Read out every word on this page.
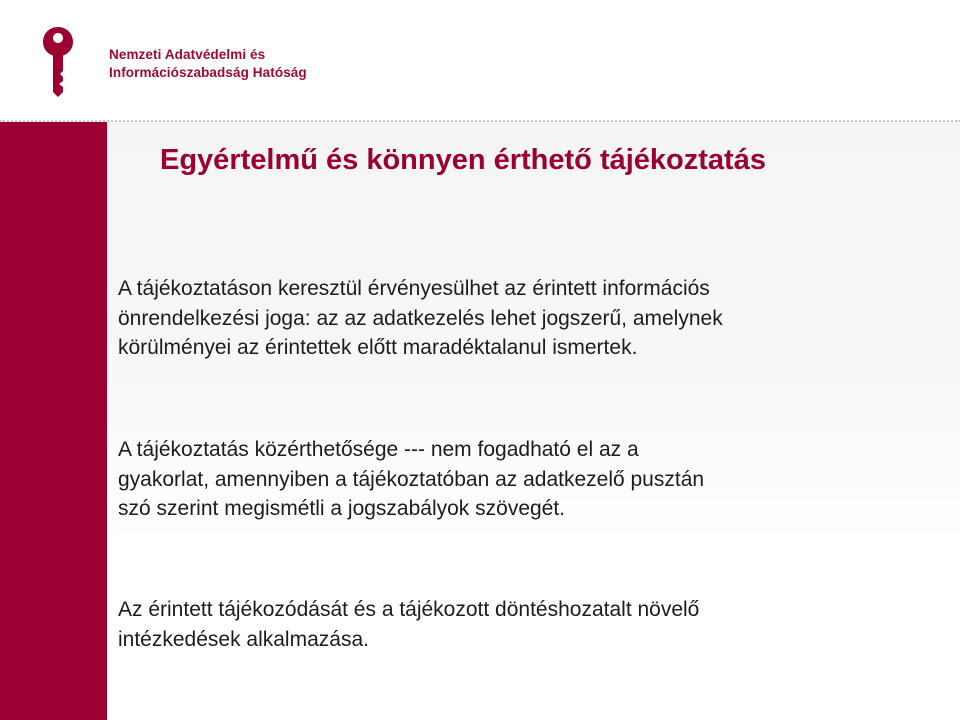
Nemzeti Adatvédelmi és
Információszabadság Hatóság
Egyértelmű és könnyen érthető tájékoztatás

A tájékoztatáson keresztül érvényesülhet az érintett információs
önrendelkezési joga: az az adatkezelés lehet jogszerű, amelynek
körülményei az érintettek előtt maradéktalanul ismertek.

A tájékoztatás közérthetősége --- nem fogadható el az a
gyakorlat, amennyiben a tájékoztatóban az adatkezelő pusztán
szó szerint megismétli a jogszabályok szövegét.

Az érintett tájékozódását és a tájékozott döntéshozatalt növelő
intézkedések alkalmazása.
